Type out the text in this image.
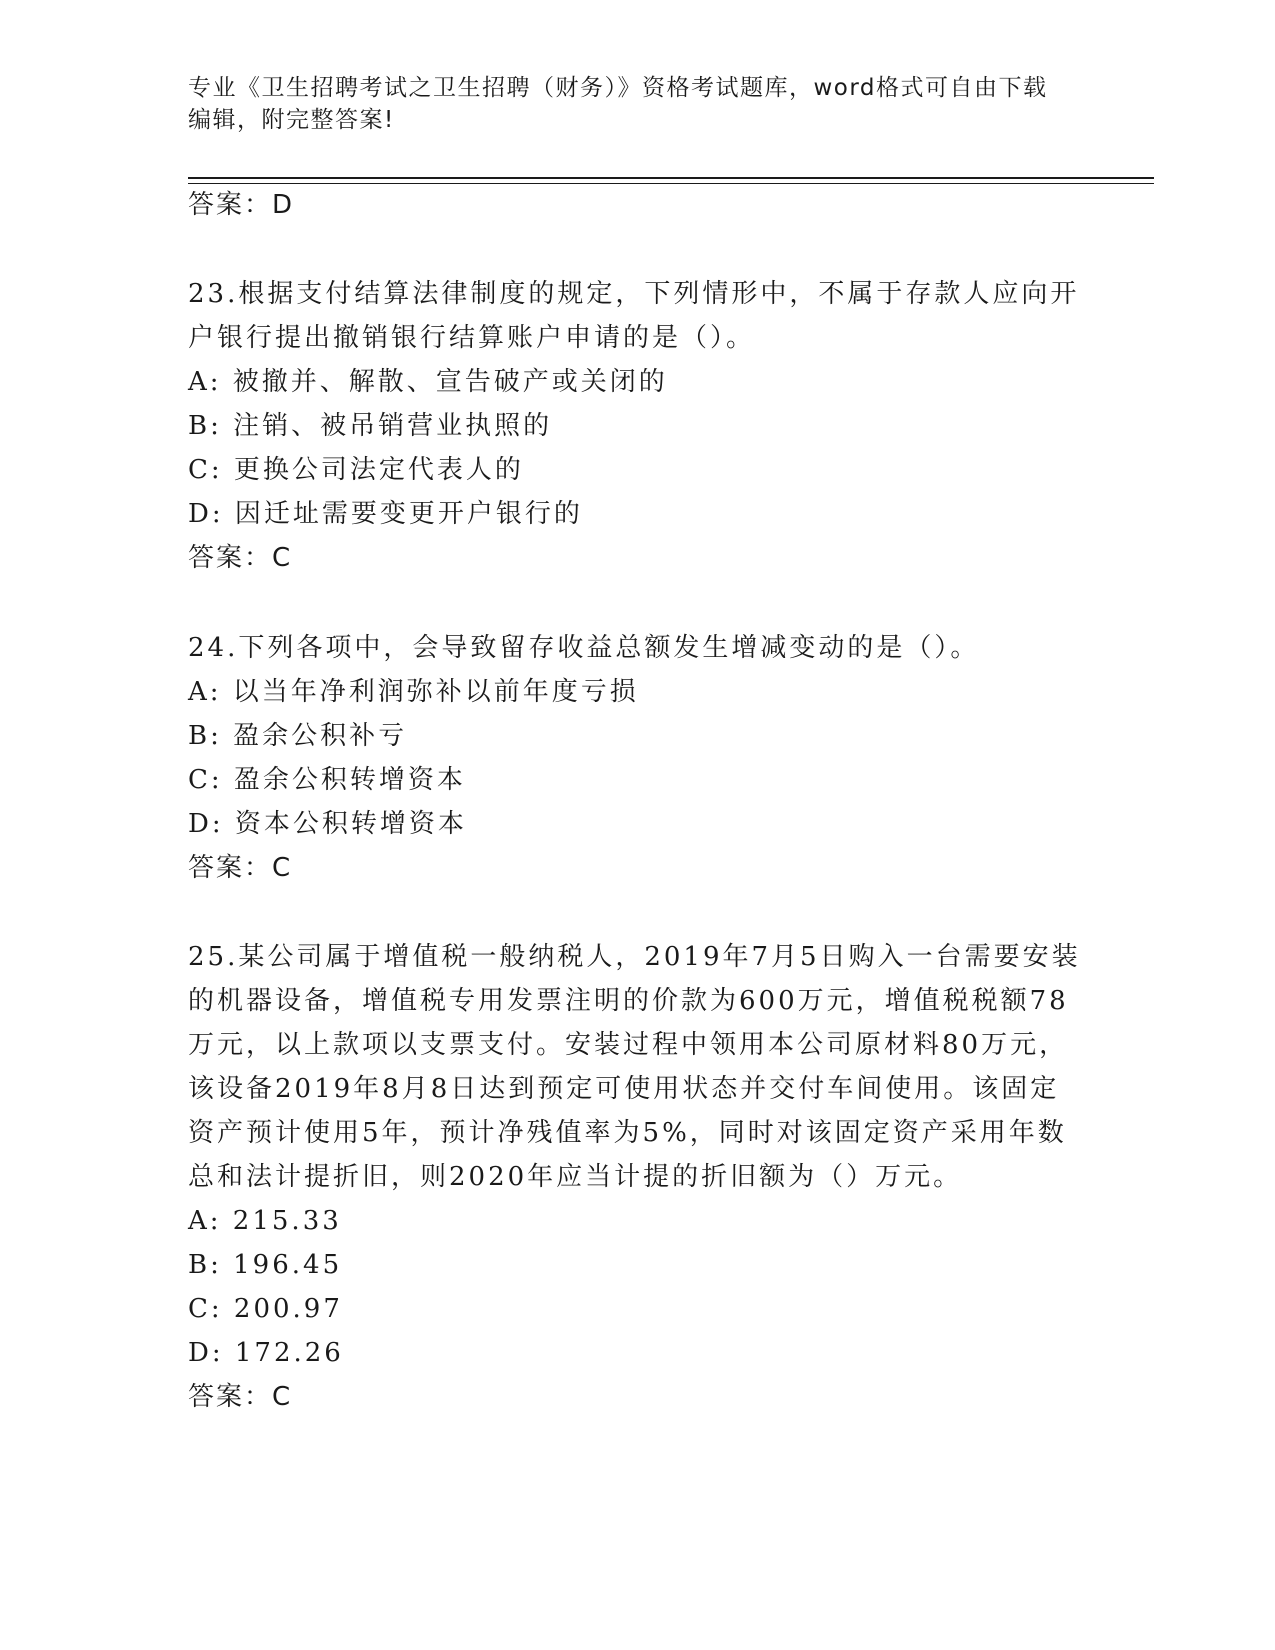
专业《卫生招聘考试之卫生招聘（财务）》资格考试题库，word格式可自由下载
编辑，附完整答案!
答案：D
23.根据支付结算法律制度的规定，下列情形中，不属于存款人应向开
户银行提出撤销银行结算账户申请的是（）。
A: 被撤并、解散、宣告破产或关闭的
B: 注销、被吊销营业执照的
C: 更换公司法定代表人的
D: 因迁址需要变更开户银行的
答案：C
24.下列各项中，会导致留存收益总额发生增减变动的是（）。
A: 以当年净利润弥补以前年度亏损
B: 盈余公积补亏
C: 盈余公积转增资本
D: 资本公积转增资本
答案：C
25.某公司属于增值税一般纳税人，2019年7月5日购入一台需要安装
的机器设备，增值税专用发票注明的价款为600万元，增值税税额78
万元，以上款项以支票支付。安装过程中领用本公司原材料80万元，
该设备2019年8月8日达到预定可使用状态并交付车间使用。该固定
资产预计使用5年，预计净残值率为5%，同时对该固定资产采用年数
总和法计提折旧，则2020年应当计提的折旧额为（）万元。
A: 215.33
B: 196.45
C: 200.97
D: 172.26
答案：C
